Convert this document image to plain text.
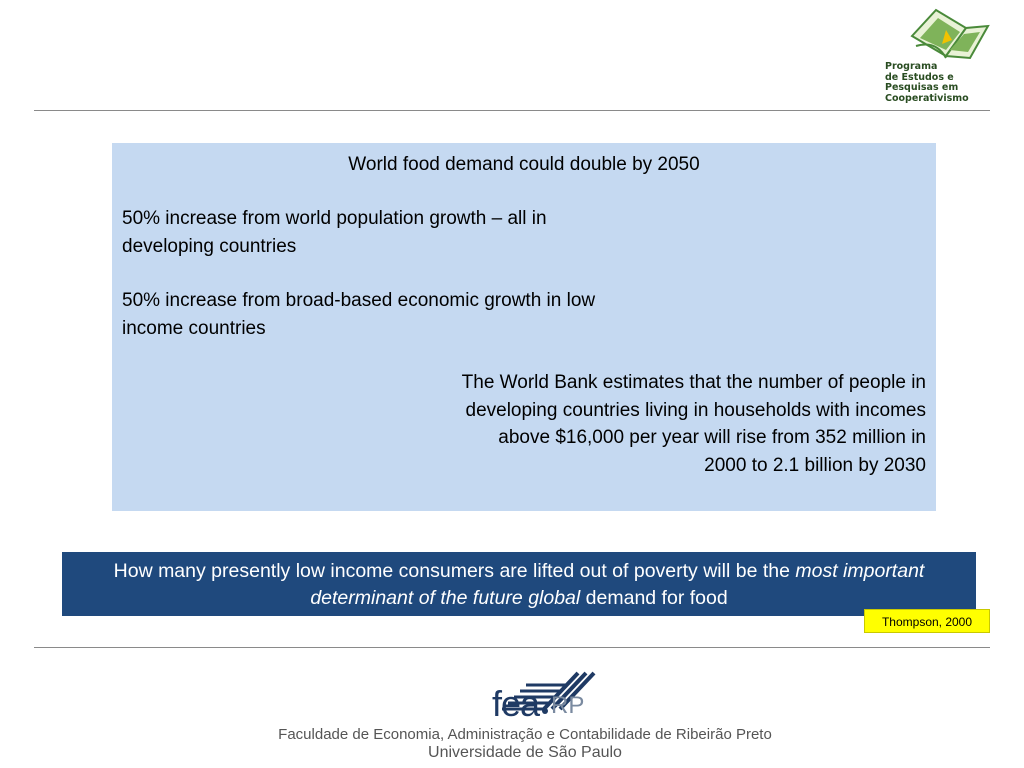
Programa
de Estudos e
Pesquisas em
Cooperativismo
World food demand could double by 2050
50% increase from world population growth – all in developing countries
50% increase from broad-based economic growth in low income countries
The World Bank estimates that the number of people in developing countries living in households with incomes above $16,000 per year will rise from 352 million in 2000 to 2.1 billion by 2030
How many presently low income consumers are lifted out of poverty will be the most important determinant of the future global demand for food
Thompson, 2000
fea RP
Faculdade de Economia, Administração e Contabilidade de Ribeirão Preto
Universidade de São Paulo
